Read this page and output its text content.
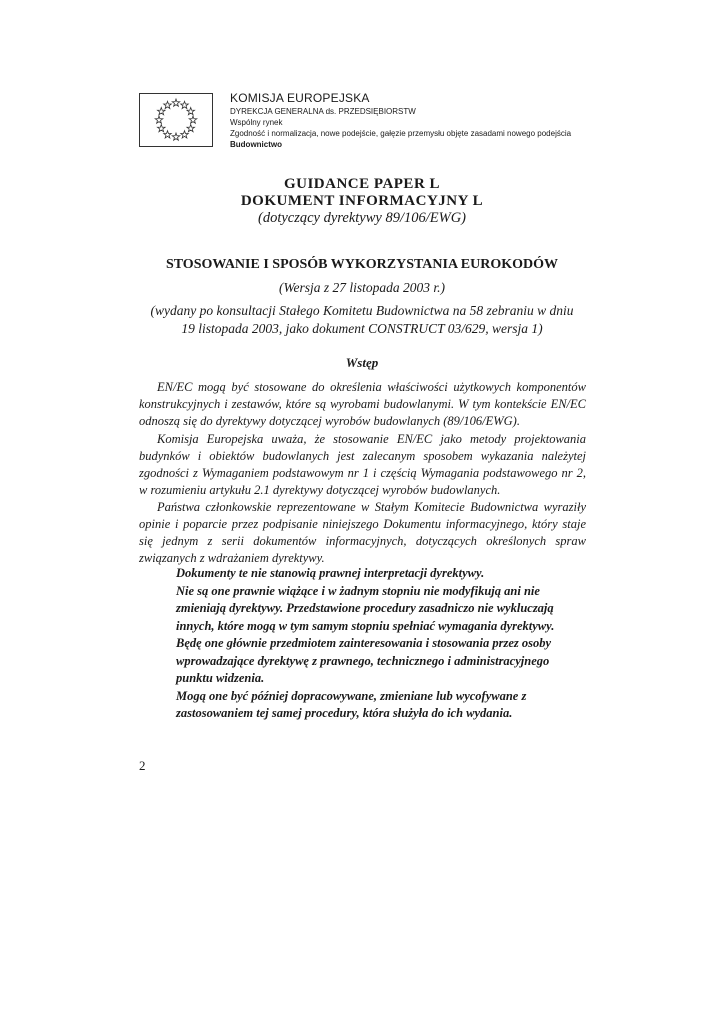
KOMISJA EUROPEJSKA
DYREKCJA GENERALNA ds. PRZEDSIĘBIORSTW
Wspólny rynek
Zgodność i normalizacja, nowe podejście, gałęzie przemysłu objęte zasadami nowego podejścia
Budownictwo
GUIDANCE PAPER L
DOKUMENT INFORMACYJNY L
(dotyczący dyrektywy 89/106/EWG)
STOSOWANIE I SPOSÓB WYKORZYSTANIA EUROKODÓW
(Wersja z 27 listopada 2003 r.)
(wydany po konsultacji Stałego Komitetu Budownictwa na 58 zebraniu w dniu
19 listopada 2003, jako dokument CONSTRUCT 03/629, wersja 1)
Wstęp

EN/EC mogą być stosowane do określenia właściwości użytkowych komponentów konstrukcyjnych i zestawów, które są wyrobami budowlanymi. W tym kontekście EN/EC odnoszą się do dyrektywy dotyczącej wyrobów budowlanych (89/106/EWG).

Komisja Europejska uważa, że stosowanie EN/EC jako metody projektowania budynków i obiektów budowlanych jest zalecanym sposobem wykazania należytej zgodności z Wymaganiem podstawowym nr 1 i częścią Wymagania podstawowego nr 2, w rozumieniu artykułu 2.1 dyrektywy dotyczącej wyrobów budowlanych.

Państwa członkowskie reprezentowane w Stałym Komitecie Budownictwa wyraziły opinie i poparcie przez podpisanie niniejszego Dokumentu informacyjnego, który staje się jednym z serii dokumentów informacyjnych, dotyczących określonych spraw związanych z wdrażaniem dyrektywy.

Dokumenty te nie stanowią prawnej interpretacji dyrektywy.

Nie są one prawnie wiążące i w żadnym stopniu nie modyfikują ani nie zmieniają dyrektywy. Przedstawione procedury zasadniczo nie wykluczają innych, które mogą w tym samym stopniu spełniać wymagania dyrektywy.

Będę one głównie przedmiotem zainteresowania i stosowania przez osoby wprowadzające dyrektywę z prawnego, technicznego i administracyjnego punktu widzenia.

Mogą one być później dopracowywane, zmieniane lub wycofywane z zastosowaniem tej samej procedury, która służyła do ich wydania.

2
